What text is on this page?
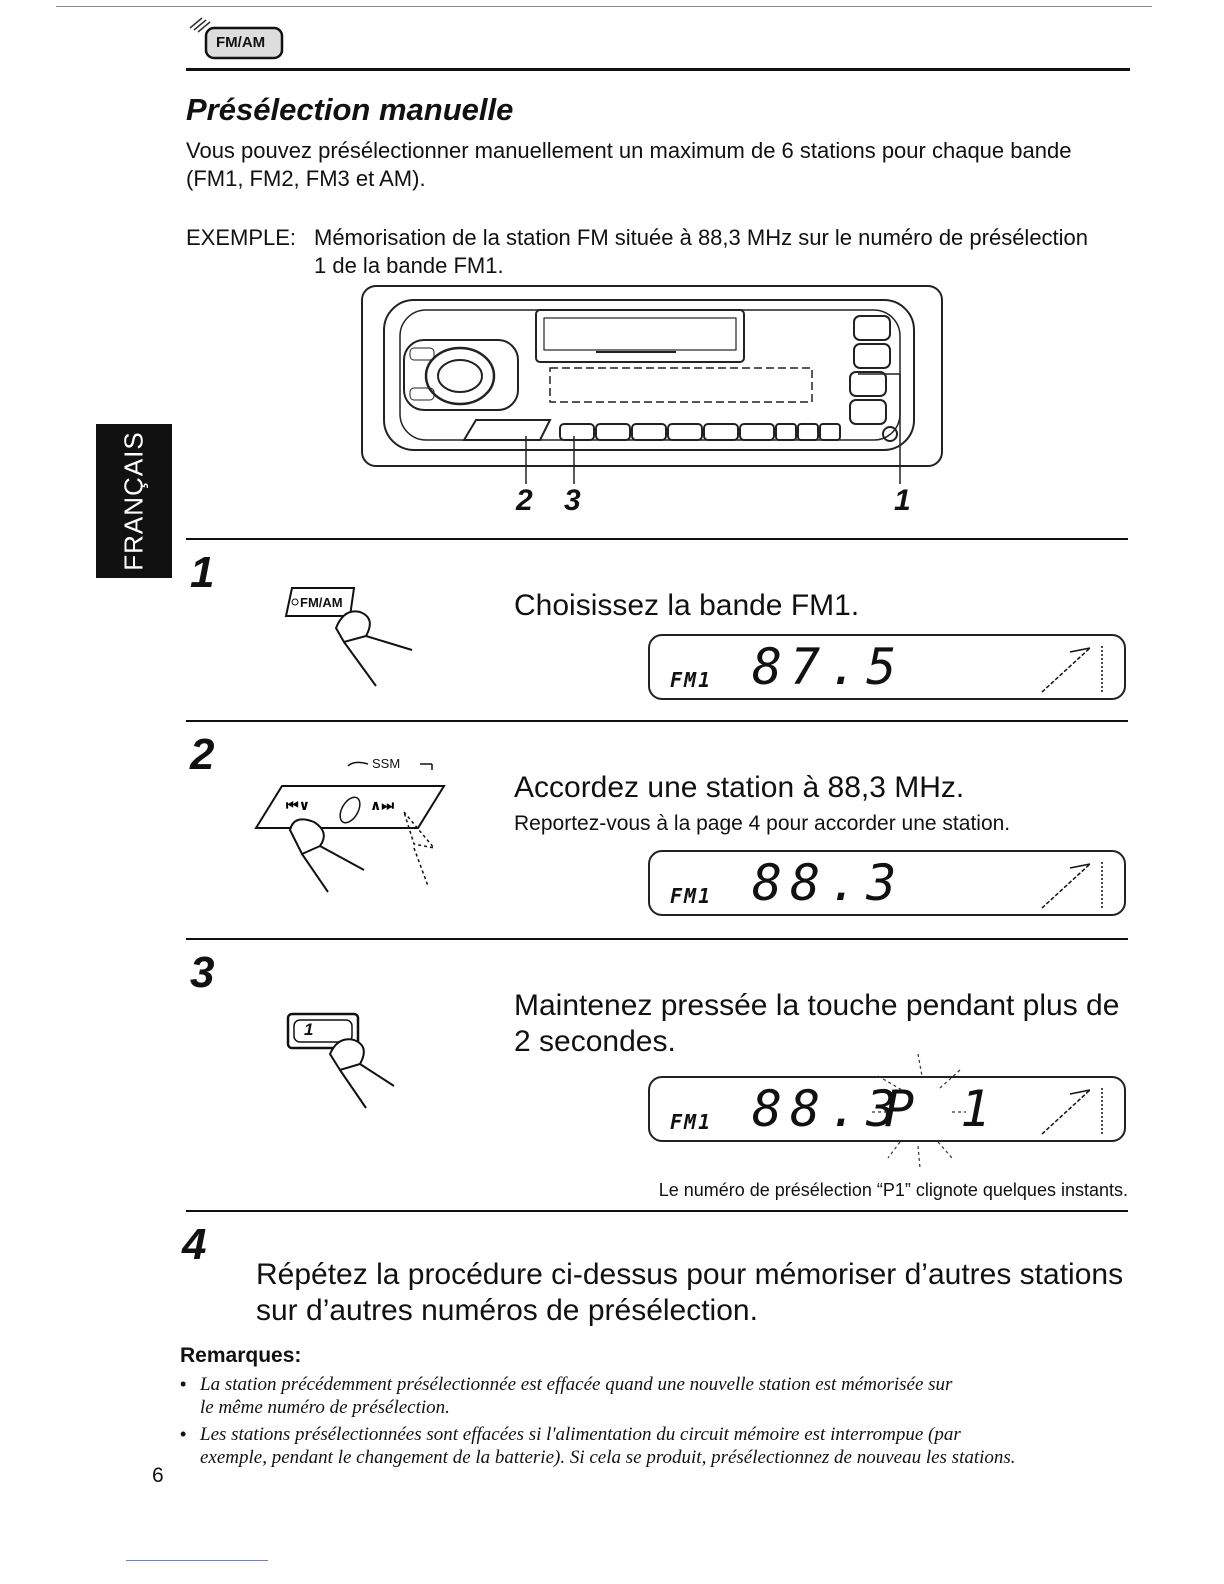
FM/AM
Présélection manuelle
Vous pouvez présélectionner manuellement un maximum de 6 stations pour chaque bande
(FM1, FM2, FM3 et AM).
EXEMPLE: Mémorisation de la station FM située à 88,3 MHz sur le numéro de présélection
1 de la bande FM1.
FRANÇAIS	2 3	1
1
FM/AM	Choisissez la bande FM1.
FM1 87.5
2	SSM
⏮∨	∧⏭
Accordez une station à 88,3 MHz.
Reportez-vous à la page 4 pour accorder une station.
FM1 88.3
3
1
Maintenez pressée la touche pendant plus de
2 secondes.
FM1 88.3
P 1
Le numéro de présélection “P1” clignote quelques instants.
4
Répétez la procédure ci-dessus pour mémoriser d’autres stations
sur d’autres numéros de présélection.
Remarques:
• La station précédemment présélectionnée est effacée quand une nouvelle station est mémorisée sur
le même numéro de présélection.
• Les stations présélectionnées sont effacées si l'alimentation du circuit mémoire est interrompue (par
exemple, pendant le changement de la batterie). Si cela se produit, présélectionnez de nouveau les stations.
6
